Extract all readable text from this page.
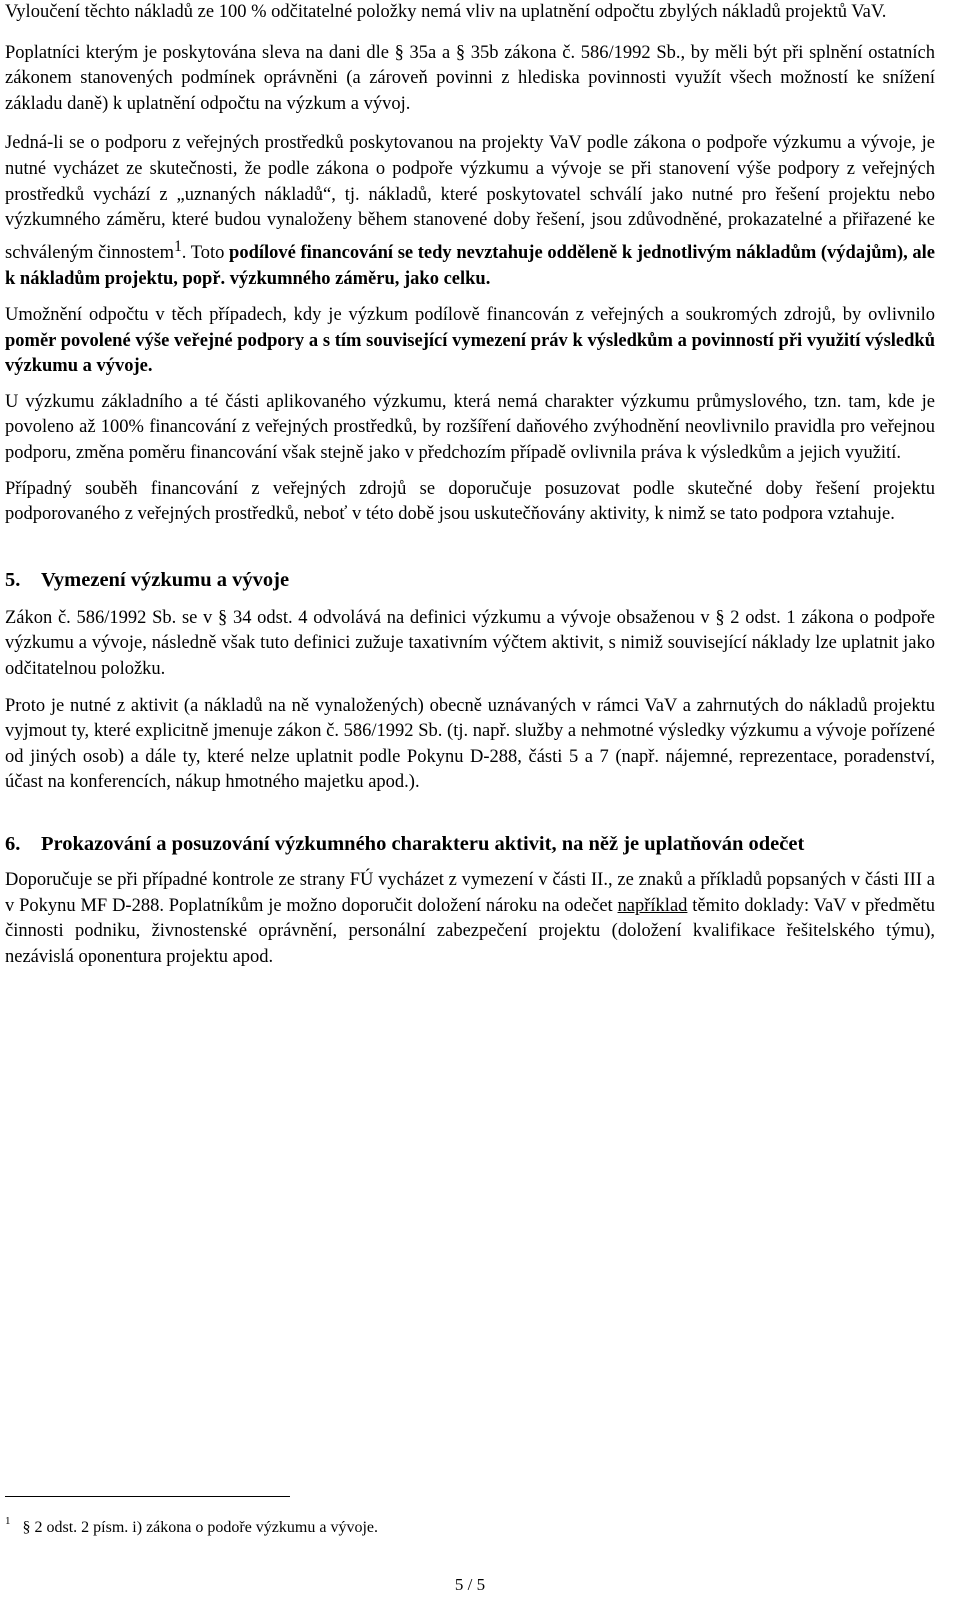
Vyloučení těchto nákladů ze 100 % odčitatelné položky nemá vliv na uplatnění odpočtu zbylých nákladů projektů VaV.

Poplatníci kterým je poskytována sleva na dani dle § 35a a § 35b zákona č. 586/1992 Sb., by měli být při splnění ostatních zákonem stanovených podmínek oprávněni (a zároveň povinni z hlediska povinnosti využít všech možností ke snížení základu daně) k uplatnění odpočtu na výzkum a vývoj.

Jedná-li se o podporu z veřejných prostředků poskytovanou na projekty VaV podle zákona o podpoře výzkumu a vývoje, je nutné vycházet ze skutečnosti, že podle zákona o podpoře výzkumu a vývoje se při stanovení výše podpory z veřejných prostředků vychází z „uznaných nákladů“, tj. nákladů, které poskytovatel schválí jako nutné pro řešení projektu nebo výzkumného záměru, které budou vynaloženy během stanovené doby řešení, jsou zdůvodněné, prokazatelné a přiřazené ke schváleným činnostem$^1$. Toto podílové financování se tedy nevztahuje odděleně k jednotlivým nákladům (výdajům), ale k nákladům projektu, popř. výzkumného záměru, jako celku.

Umožnění odpočtu v těch případech, kdy je výzkum podílově financován z veřejných a soukromých zdrojů, by ovlivnilo poměr povolené výše veřejné podpory a s tím související vymezení práv k výsledkům a povinností při využití výsledků výzkumu a vývoje.

U výzkumu základního a té části aplikovaného výzkumu, která nemá charakter výzkumu průmyslového, tzn. tam, kde je povoleno až 100% financování z veřejných prostředků, by rozšíření daňového zvýhodnění neovlivnilo pravidla pro veřejnou podporu, změna poměru financování však stejně jako v předchozím případě ovlivnila práva k výsledkům a jejich využití.

Případný souběh financování z veřejných zdrojů se doporučuje posuzovat podle skutečné doby řešení projektu podporovaného z veřejných prostředků, neboť v této době jsou uskutečňovány aktivity, k nimž se tato podpora vztahuje.

5.	Vymezení výzkumu a vývoje

Zákon č. 586/1992 Sb. se v § 34 odst. 4 odvolává na definici výzkumu a vývoje obsaženou v § 2 odst. 1 zákona o podpoře výzkumu a vývoje, následně však tuto definici zužuje taxativním výčtem aktivit, s nimiž související náklady lze uplatnit jako odčitatelnou položku.

Proto je nutné z aktivit (a nákladů na ně vynaložených) obecně uznávaných v rámci VaV a zahrnutých do nákladů projektu vyjmout ty, které explicitně jmenuje zákon č. 586/1992 Sb. (tj. např. služby a nehmotné výsledky výzkumu a vývoje pořízené od jiných osob) a dále ty, které nelze uplatnit podle Pokynu D-288, části 5 a 7 (např. nájemné, reprezentace, poradenství, účast na konferencích, nákup hmotného majetku apod.).

6.	Prokazování a posuzování výzkumného charakteru aktivit, na něž je uplatňován odečet

Doporučuje se při případné kontrole ze strany FÚ vycházet z vymezení v části II., ze znaků a příkladů popsaných v části III a v Pokynu MF D-288. Poplatníkům je možno doporučit doložení nároku na odečet například těmito doklady: VaV v předmětu činnosti podniku, živnostenské oprávnění, personální zabezpečení projektu (doložení kvalifikace řešitelského týmu), nezávislá oponentura projektu apod.

$^1$ § 2 odst. 2 písm. i) zákona o podoře výzkumu a vývoje.
5 / 5
